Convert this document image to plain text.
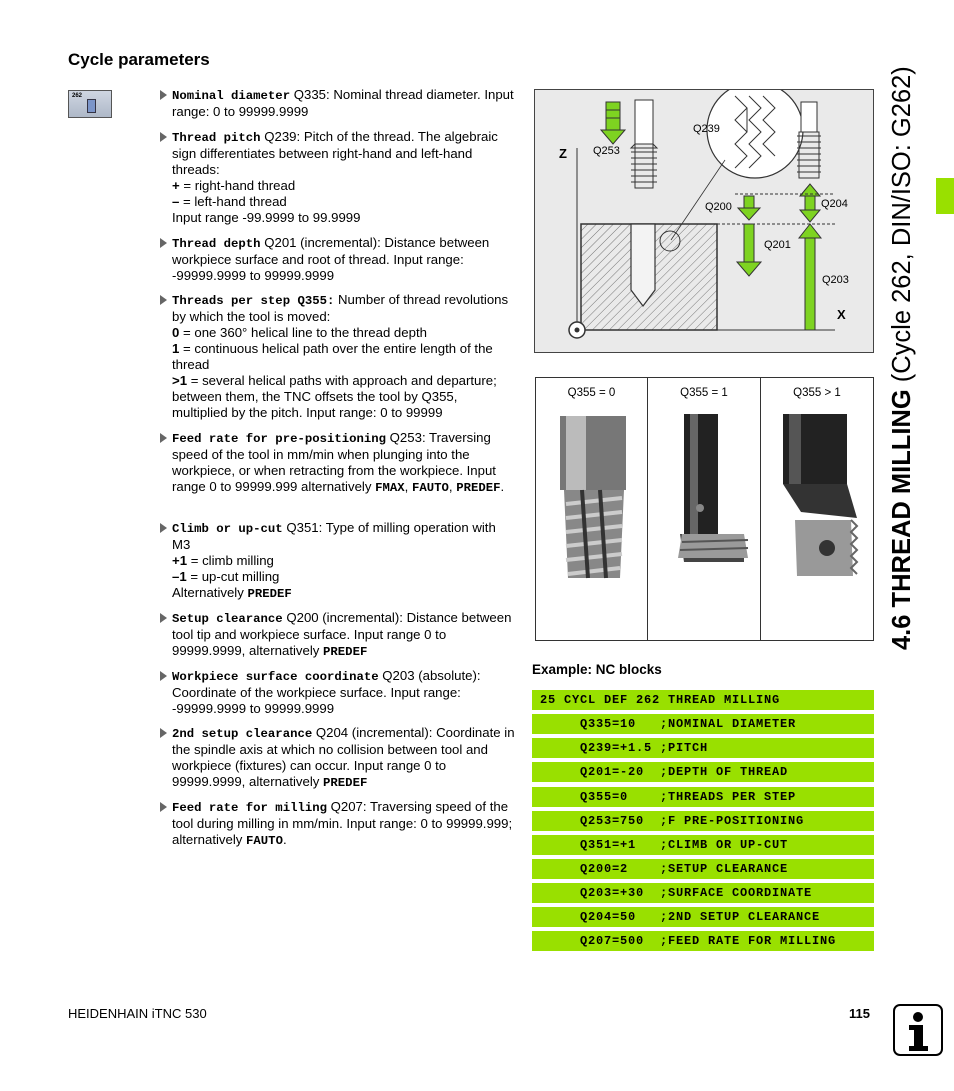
Cycle parameters
262	Nominal diameter Q335: Nominal thread diameter. Input range: 0 to 99999.9999
Thread pitch Q239: Pitch of the thread. The algebraic sign differentiates between right-hand and left-hand threads:
+ = right-hand thread
– = left-hand thread
Input range -99.9999 to 99.9999
Thread depth Q201 (incremental): Distance between workpiece surface and root of thread. Input range: -99999.9999 to 99999.9999
Threads per step Q355: Number of thread revolutions by which the tool is moved:
0 = one 360° helical line to the thread depth
1 = continuous helical path over the entire length of the thread
>1 = several helical paths with approach and departure; between them, the TNC offsets the tool by Q355, multiplied by the pitch. Input range: 0 to 99999
Feed rate for pre-positioning Q253: Traversing speed of the tool in mm/min when plunging into the workpiece, or when retracting from the workpiece. Input range 0 to 99999.999 alternatively FMAX, FAUTO, PREDEF.
Climb or up-cut Q351: Type of milling operation with M3
+1 = climb milling
–1 = up-cut milling
Alternatively PREDEF
Setup clearance Q200 (incremental): Distance between tool tip and workpiece surface. Input range 0 to 99999.9999, alternatively PREDEF
Workpiece surface coordinate Q203 (absolute): Coordinate of the workpiece surface. Input range: -99999.9999 to 99999.9999
2nd setup clearance Q204 (incremental): Coordinate in the spindle axis at which no collision between tool and workpiece (fixtures) can occur. Input range 0 to 99999.9999, alternatively PREDEF
Feed rate for milling Q207: Traversing speed of the tool during milling in mm/min. Input range: 0 to 99999.999; alternatively FAUTO.
Z
X
Q253
Q239
Q200	Q204
Q201
Q203
Q355 = 0	Q355 = 1	Q355 > 1
Example: NC blocks
25 CYCL DEF 262 THREAD MILLING
Q335=10   ;NOMINAL DIAMETER
Q239=+1.5 ;PITCH
Q201=-20  ;DEPTH OF THREAD
Q355=0    ;THREADS PER STEP
Q253=750  ;F PRE-POSITIONING
Q351=+1   ;CLIMB OR UP-CUT
Q200=2    ;SETUP CLEARANCE
Q203=+30  ;SURFACE COORDINATE
Q204=50   ;2ND SETUP CLEARANCE
Q207=500  ;FEED RATE FOR MILLING
4.6 THREAD MILLING (Cycle 262, DIN/ISO: G262)
HEIDENHAIN iTNC 530	115
